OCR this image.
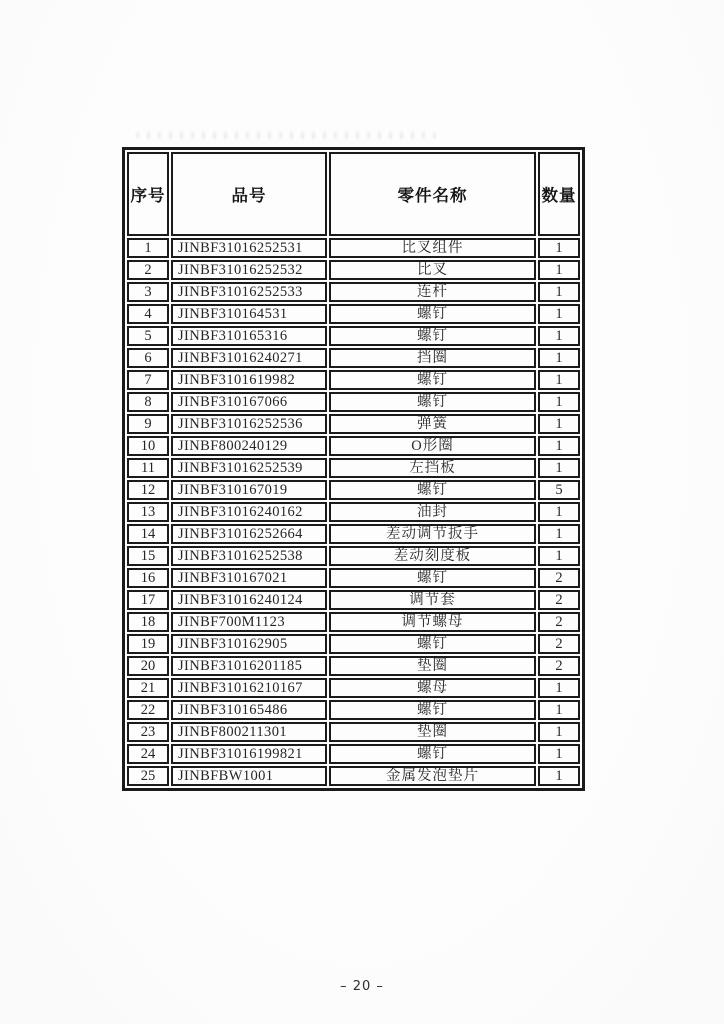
序号	品号	零件名称	数量
1	JINBF31016252531	比叉组件	1
2	JINBF31016252532	比叉	1
3	JINBF31016252533	连杆	1
4	JINBF310164531	螺钉	1
5	JINBF310165316	螺钉	1
6	JINBF31016240271	挡圈	1
7	JINBF3101619982	螺钉	1
8	JINBF310167066	螺钉	1
9	JINBF31016252536	弹簧	1
10	JINBF800240129	O形圈	1
11	JINBF31016252539	左挡板	1
12	JINBF310167019	螺钉	5
13	JINBF31016240162	油封	1
14	JINBF31016252664	差动调节扳手	1
15	JINBF31016252538	差动刻度板	1
16	JINBF310167021	螺钉	2
17	JINBF31016240124	调节套	2
18	JINBF700M1123	调节螺母	2
19	JINBF310162905	螺钉	2
20	JINBF31016201185	垫圈	2
21	JINBF31016210167	螺母	1
22	JINBF310165486	螺钉	1
23	JINBF800211301	垫圈	1
24	JINBF31016199821	螺钉	1
25	JINBFBW1001	金属发泡垫片	1
– 20 –
